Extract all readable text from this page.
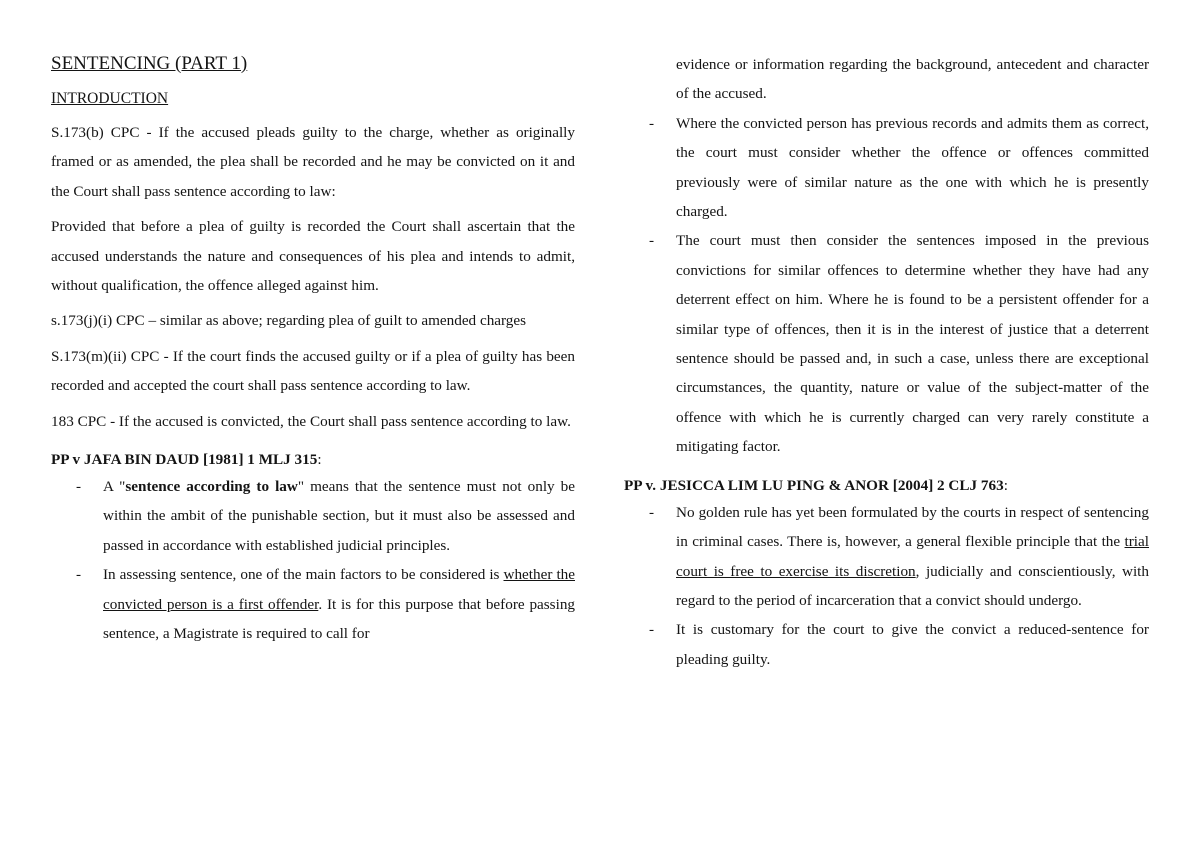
SENTENCING (PART 1)
INTRODUCTION

S.173(b) CPC - If the accused pleads guilty to the charge, whether as originally framed or as amended, the plea shall be recorded and he may be convicted on it and the Court shall pass sentence according to law:

Provided that before a plea of guilty is recorded the Court shall ascertain that the accused understands the nature and consequences of his plea and intends to admit, without qualification, the offence alleged against him.

s.173(j)(i) CPC – similar as above; regarding plea of guilt to amended charges

S.173(m)(ii) CPC - If the court finds the accused guilty or if a plea of guilty has been recorded and accepted the court shall pass sentence according to law.

183 CPC - If the accused is convicted, the Court shall pass sentence according to law.

PP v JAFA BIN DAUD [1981] 1 MLJ 315:
- A "sentence according to law" means that the sentence must not only be within the ambit of the punishable section, but it must also be assessed and passed in accordance with established judicial principles.
- In assessing sentence, one of the main factors to be considered is whether the convicted person is a first offender. It is for this purpose that before passing sentence, a Magistrate is required to call for
evidence or information regarding the background, antecedent and character of the accused.
- Where the convicted person has previous records and admits them as correct, the court must consider whether the offence or offences committed previously were of similar nature as the one with which he is presently charged.
- The court must then consider the sentences imposed in the previous convictions for similar offences to determine whether they have had any deterrent effect on him. Where he is found to be a persistent offender for a similar type of offences, then it is in the interest of justice that a deterrent sentence should be passed and, in such a case, unless there are exceptional circumstances, the quantity, nature or value of the subject-matter of the offence with which he is currently charged can very rarely constitute a mitigating factor.
PP v. JESICCA LIM LU PING & ANOR [2004] 2 CLJ 763:
- No golden rule has yet been formulated by the courts in respect of sentencing in criminal cases. There is, however, a general flexible principle that the trial court is free to exercise its discretion, judicially and conscientiously, with regard to the period of incarceration that a convict should undergo.
- It is customary for the court to give the convict a reduced-sentence for pleading guilty.
